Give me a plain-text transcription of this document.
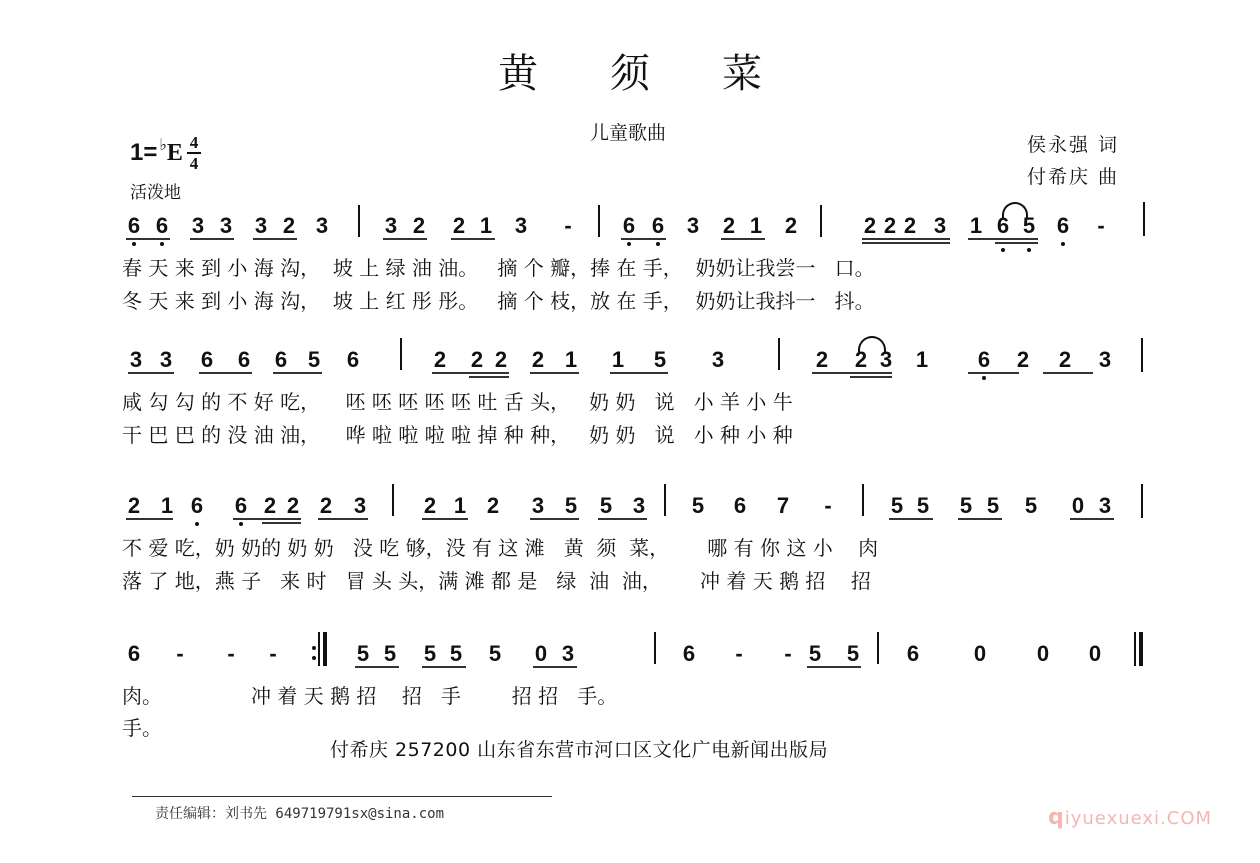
黄须菜
儿童歌曲
侯永强 词
付希庆 曲
1= ♭ E $\frac{4}{4}$
活泼地
6 6 3 3 3 2 3	3 2 2 1 3 - 6 6 3 2 1 2	2 2 2 3 1 6 5 6 -
春 天 来 到 小 海 沟，  坡 上 绿 油 油。   摘 个 瓣，捧 在 手，  奶奶让我尝一   口。
冬 天 来 到 小 海 沟，  坡 上 红 彤 彤。   摘 个 枝，放 在 手，  奶奶让我抖一   抖。
3 3 6 6 6 5 6	2 2 2 2 1 1 5 3	2 2 3 1 6 2 2 3
咸 勾 勾 的 不 好 吃，    呸 呸 呸 呸 呸 吐 舌 头，   奶 奶   说   小 羊 小 牛
干 巴 巴 的 没 油 油，    哗 啦 啦 啦 啦 掉 种 种，   奶 奶   说   小 种 小 种
2 1 6 6 2 2 2 3	2 1 2 3 5 5 3 5 6 7 -	5 5 5 5 5 0 3
不 爱 吃，奶 奶的 奶 奶   没 吃 够，没 有 这 滩   黄  须  菜，      哪 有 你 这 小    肉
落 了 地，燕 子   来 时   冒 头 头，满 滩 都 是   绿  油  油，      冲 着 天 鹅 招    招
6 - - -	5 5 5 5 5 0 3	6 - - 5 5 6 0 0 0
肉。              冲 着 天 鹅 招    招   手        招 招   手。
手。
付希庆 257200 山东省东营市河口区文化广电新闻出版局
责任编辑：刘书先 649719791sx@sina.com	qiyuexuexi.COM
